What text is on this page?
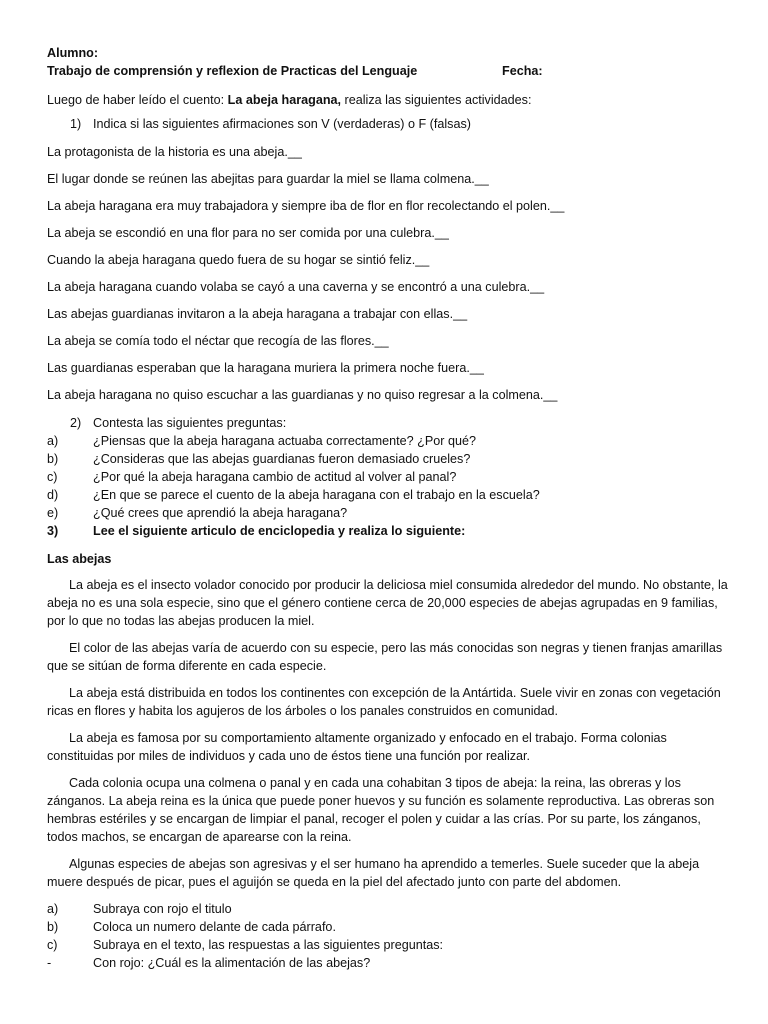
Alumno:
Trabajo de comprensión y reflexion de Practicas del Lenguaje	Fecha:
Luego de haber leído el cuento: La abeja haragana, realiza las siguientes actividades:
1) Indica si las siguientes afirmaciones son V (verdaderas) o F (falsas)
La protagonista de la historia es una abeja.__
El lugar donde se reúnen las abejitas para guardar la miel se llama colmena.__
La abeja haragana era muy trabajadora y siempre iba de flor en flor recolectando el polen.__
La abeja se escondió en una flor para no ser comida por una culebra.__
Cuando la abeja haragana quedo fuera de su hogar se sintió feliz.__
La abeja haragana cuando volaba se cayó a una caverna y se encontró a una culebra.__
Las abejas guardianas invitaron a la abeja haragana a trabajar con ellas.__
La abeja se comía todo el néctar que recogía de las flores.__
Las guardianas esperaban que la haragana muriera la primera noche fuera.__
La abeja haragana no quiso escuchar a las guardianas y no quiso regresar a la colmena.__
2) Contesta las siguientes preguntas:
a)	¿Piensas que la abeja haragana actuaba correctamente? ¿Por qué?
b)	¿Consideras que las abejas guardianas fueron demasiado crueles?
c)	¿Por qué la abeja haragana cambio de actitud al volver al panal?
d)	¿En que se parece el cuento de la abeja haragana con el trabajo en la escuela?
e)	¿Qué crees que aprendió la abeja haragana?
3)	Lee el siguiente articulo de enciclopedia y realiza lo siguiente:
Las abejas

La abeja es el insecto volador conocido por producir la deliciosa miel consumida alrededor del mundo. No obstante, la abeja no es una sola especie, sino que el género contiene cerca de 20,000 especies de abejas agrupadas en 9 familias, por lo que no todas las abejas producen la miel.

El color de las abejas varía de acuerdo con su especie, pero las más conocidas son negras y tienen franjas amarillas que se sitúan de forma diferente en cada especie.

La abeja está distribuida en todos los continentes con excepción de la Antártida. Suele vivir en zonas con vegetación ricas en flores y habita los agujeros de los árboles o los panales construidos en comunidad.

La abeja es famosa por su comportamiento altamente organizado y enfocado en el trabajo. Forma colonias constituidas por miles de individuos y cada uno de éstos tiene una función por realizar.

Cada colonia ocupa una colmena o panal y en cada una cohabitan 3 tipos de abeja: la reina, las obreras y los zánganos. La abeja reina es la única que puede poner huevos y su función es solamente reproductiva. Las obreras son hembras estériles y se encargan de limpiar el panal, recoger el polen y cuidar a las crías. Por su parte, los zánganos, todos machos, se encargan de aparearse con la reina.

Algunas especies de abejas son agresivas y el ser humano ha aprendido a temerles. Suele suceder que la abeja muere después de picar, pues el aguijón se queda en la piel del afectado junto con parte del abdomen.

a)	Subraya con rojo el titulo
b)	Coloca un numero delante de cada párrafo.
c)	Subraya en el texto, las respuestas a las siguientes preguntas:
-	Con rojo: ¿Cuál es la alimentación de las abejas?
